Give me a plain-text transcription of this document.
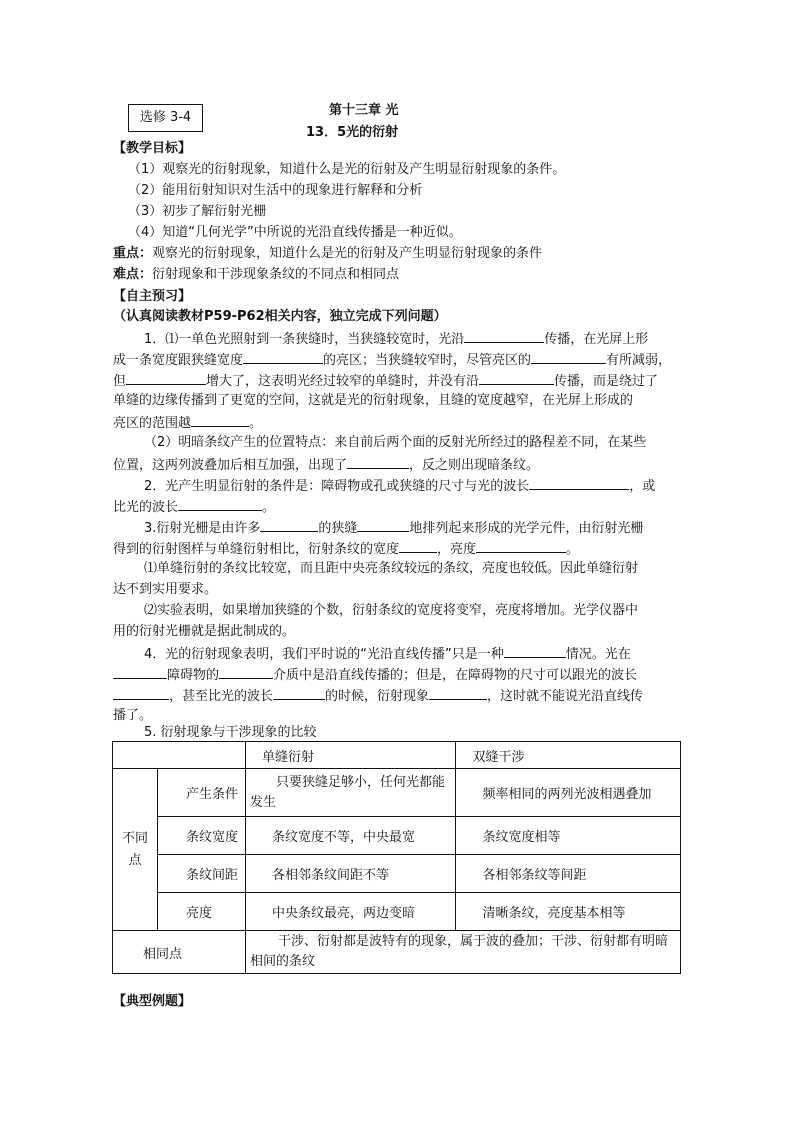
选修 3-4	第十三章 光
13．5光的衍射
【教学目标】
（1）观察光的衍射现象，知道什么是光的衍射及产生明显衍射现象的条件。
（2）能用衍射知识对生活中的现象进行解释和分析
（3）初步了解衍射光栅
（4）知道“几何光学”中所说的光沿直线传播是一种近似。
重点：观察光的衍射现象，知道什么是光的衍射及产生明显衍射现象的条件
难点：衍射现象和干涉现象条纹的不同点和相同点
【自主预习】
（认真阅读教材P59-P62相关内容，独立完成下列问题）
1．⑴一单色光照射到一条狭缝时，当狭缝较宽时，光沿	传播，在光屏上形
成一条宽度跟狭缝宽度	的亮区；当狭缝较窄时，尽管亮区的	有所减弱，
但	增大了，这表明光经过较窄的单缝时，并没有沿	传播，而是绕过了
单缝的边缘传播到了更宽的空间，这就是光的衍射现象，且缝的宽度越窄，在光屏上形成的
亮区的范围越	。
（2）明暗条纹产生的位置特点：来自前后两个面的反射光所经过的路程差不同，在某些
位置，这两列波叠加后相互加强，出现了	，反之则出现暗条纹。
2．光产生明显衍射的条件是：障碍物或孔或狭缝的尺寸与光的波长	，或
比光的波长	。
3.衍射光栅是由许多	的狭缝	地排列起来形成的光学元件，由衍射光栅
得到的衍射图样与单缝衍射相比，衍射条纹的宽度	，亮度	。
⑴单缝衍射的条纹比较宽，而且距中央亮条纹较远的条纹，亮度也较低。因此单缝衍射
达不到实用要求。
⑵实验表明，如果增加狭缝的个数，衍射条纹的宽度将变窄，亮度将增加。光学仪器中
用的衍射光栅就是据此制成的。
4．光的衍射现象表明，我们平时说的“光沿直线传播”只是一种	情况。光在
障碍物的	介质中是沿直线传播的；但是，在障碍物的尺寸可以跟光的波长
，甚至比光的波长	的时候，衍射现象	，这时就不能说光沿直线传
播了。
5. 衍射现象与干涉现象的比较
		单缝衍射	双缝干涉
不同点	产生条件	只要狭缝足够小，任何光都能发生	频率相同的两列光波相遇叠加
	条纹宽度	条纹宽度不等，中央最宽	条纹宽度相等
	条纹间距	各相邻条纹间距不等	各相邻条纹等间距
	亮度	中央条纹最亮，两边变暗	清晰条纹，亮度基本相等
相同点		干涉、衍射都是波特有的现象，属于波的叠加；干涉、衍射都有明暗相间的条纹	
【典型例题】
